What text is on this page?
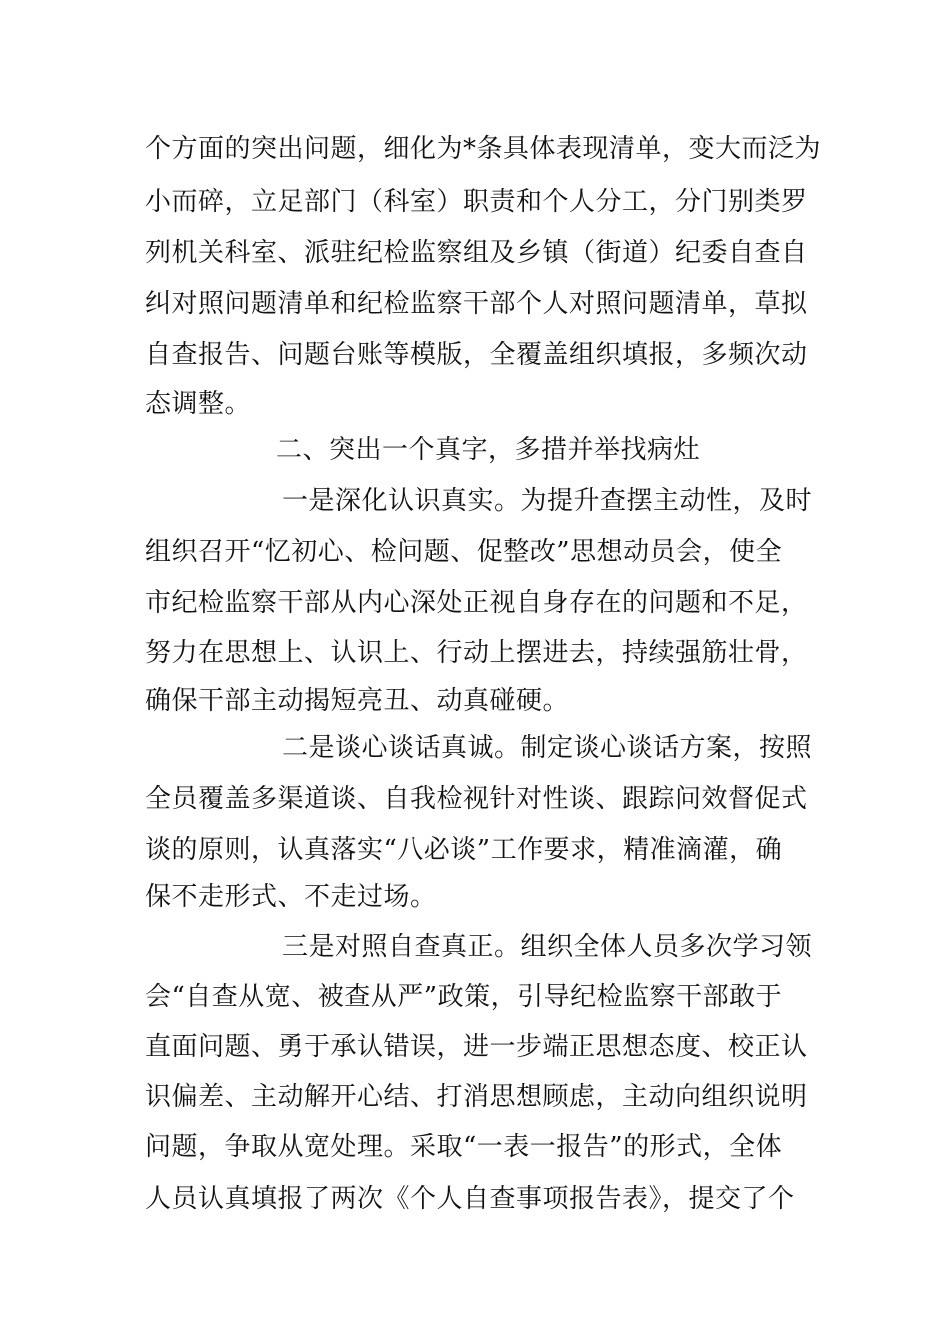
个方面的突出问题，细化为*条具体表现清单，变大而泛为
小而碎，立足部门（科室）职责和个人分工，分门别类罗
列机关科室、派驻纪检监察组及乡镇（街道）纪委自查自
纠对照问题清单和纪检监察干部个人对照问题清单，草拟
自查报告、问题台账等模版，全覆盖组织填报，多频次动
态调整。
二、突出一个真字，多措并举找病灶
一是深化认识真实。为提升查摆主动性，及时
组织召开“忆初心、检问题、促整改”思想动员会，使全
市纪检监察干部从内心深处正视自身存在的问题和不足，
努力在思想上、认识上、行动上摆进去，持续强筋壮骨，
确保干部主动揭短亮丑、动真碰硬。
二是谈心谈话真诚。制定谈心谈话方案，按照
全员覆盖多渠道谈、自我检视针对性谈、跟踪问效督促式
谈的原则，认真落实“八必谈”工作要求，精准滴灌，确
保不走形式、不走过场。
三是对照自查真正。组织全体人员多次学习领
会“自查从宽、被查从严”政策，引导纪检监察干部敢于
直面问题、勇于承认错误，进一步端正思想态度、校正认
识偏差、主动解开心结、打消思想顾虑，主动向组织说明
问题，争取从宽处理。采取“一表一报告”的形式，全体
人员认真填报了两次《个人自查事项报告表》，提交了个
